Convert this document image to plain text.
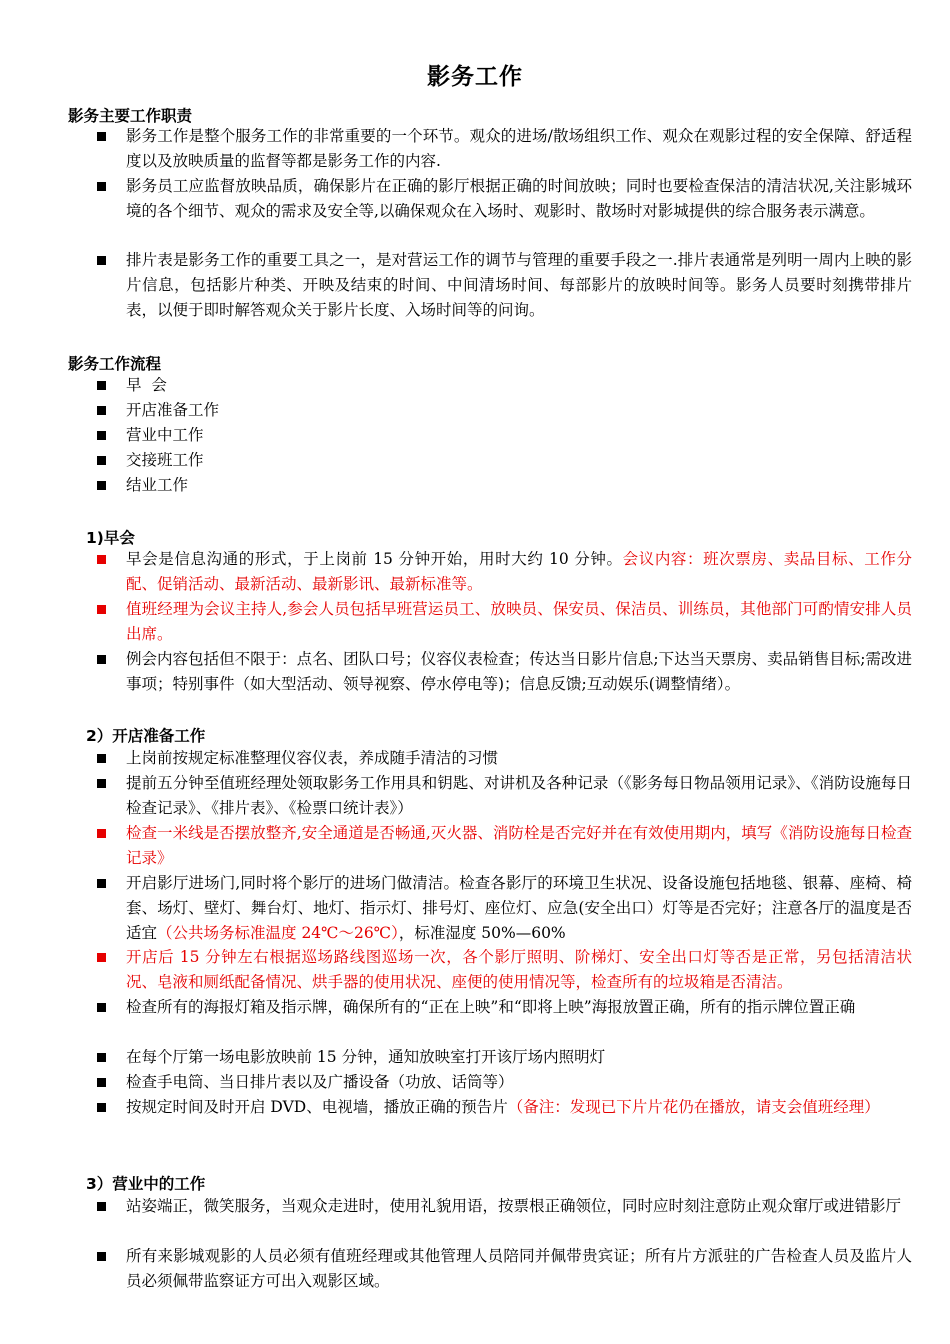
影务工作
影务主要工作职责
影务工作是整个服务工作的非常重要的一个环节。观众的进场/散场组织工作、观众在观影过程的安全保障、舒适程度以及放映质量的监督等都是影务工作的内容.
影务员工应监督放映品质，确保影片在正确的影厅根据正确的时间放映；同时也要检查保洁的清洁状况,关注影城环境的各个细节、观众的需求及安全等,以确保观众在入场时、观影时、散场时对影城提供的综合服务表示满意。
排片表是影务工作的重要工具之一，是对营运工作的调节与管理的重要手段之一.排片表通常是列明一周内上映的影片信息，包括影片种类、开映及结束的时间、中间清场时间、每部影片的放映时间等。影务人员要时刻携带排片表，以便于即时解答观众关于影片长度、入场时间等的问询。
影务工作流程
早  会
开店准备工作
营业中工作
交接班工作
结业工作
1)早会
早会是信息沟通的形式，于上岗前 15 分钟开始，用时大约 10 分钟。会议内容：班次票房、卖品目标、工作分配、促销活动、最新活动、最新影讯、最新标准等。
值班经理为会议主持人,参会人员包括早班营运员工、放映员、保安员、保洁员、训练员，其他部门可酌情安排人员出席。
例会内容包括但不限于：点名、团队口号；仪容仪表检查；传达当日影片信息;下达当天票房、卖品销售目标;需改进事项；特别事件（如大型活动、领导视察、停水停电等)；信息反馈;互动娱乐(调整情绪）。
2）开店准备工作
上岗前按规定标准整理仪容仪表，养成随手清洁的习惯
提前五分钟至值班经理处领取影务工作用具和钥匙、对讲机及各种记录（《影务每日物品领用记录》、《消防设施每日检查记录》、《排片表》、《检票口统计表》）
检查一米线是否摆放整齐,安全通道是否畅通,灭火器、消防栓是否完好并在有效使用期内，填写《消防设施每日检查记录》
开启影厅进场门,同时将个影厅的进场门做清洁。检查各影厅的环境卫生状况、设备设施包括地毯、银幕、座椅、椅套、场灯、壁灯、舞台灯、地灯、指示灯、排号灯、座位灯、应急(安全出口）灯等是否完好；注意各厅的温度是否适宜（公共场务标准温度 24℃～26℃），标准湿度 50%—60%
开店后 15 分钟左右根据巡场路线图巡场一次，各个影厅照明、阶梯灯、安全出口灯等否是正常，另包括清洁状况、皂液和厕纸配备情况、烘手器的使用状况、座便的使用情况等，检查所有的垃圾箱是否清洁。
检查所有的海报灯箱及指示牌，确保所有的“正在上映”和“即将上映”海报放置正确，所有的指示牌位置正确
在每个厅第一场电影放映前 15 分钟，通知放映室打开该厅场内照明灯
检查手电筒、当日排片表以及广播设备（功放、话筒等）
按规定时间及时开启 DVD、电视墙，播放正确的预告片（备注：发现已下片片花仍在播放，请支会值班经理）
3）营业中的工作
站姿端正，微笑服务，当观众走进时，使用礼貌用语，按票根正确领位，同时应时刻注意防止观众窜厅或进错影厅
所有来影城观影的人员必须有值班经理或其他管理人员陪同并佩带贵宾证；所有片方派驻的广告检查人员及监片人员必须佩带监察证方可出入观影区域。
